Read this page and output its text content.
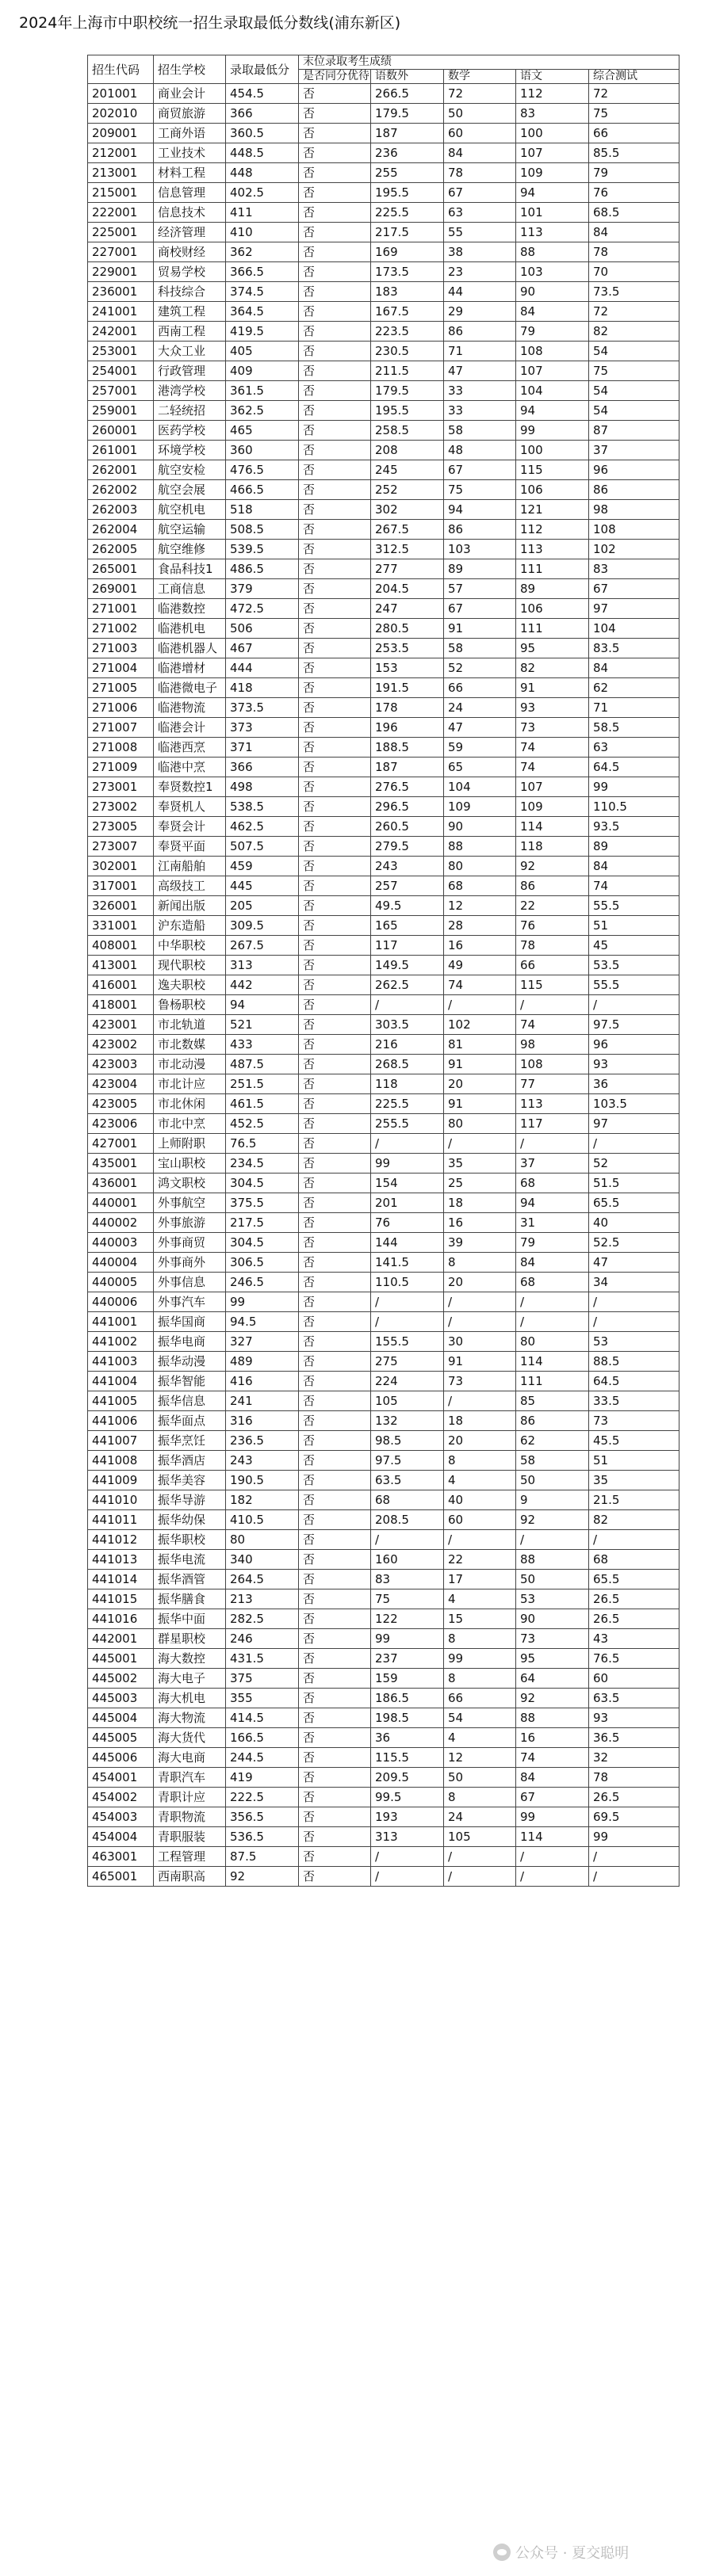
2024年上海市中职校统一招生录取最低分数线(浦东新区)
招生代码	招生学校	录取最低分	末位录取考生成绩				
			是否同分优待	语数外	数学	语文	综合测试
201001	商业会计	454.5	否	266.5	72	112	72
202010	商贸旅游	366	否	179.5	50	83	75
209001	工商外语	360.5	否	187	60	100	66
212001	工业技术	448.5	否	236	84	107	85.5
213001	材料工程	448	否	255	78	109	79
215001	信息管理	402.5	否	195.5	67	94	76
222001	信息技术	411	否	225.5	63	101	68.5
225001	经济管理	410	否	217.5	55	113	84
227001	商校财经	362	否	169	38	88	78
229001	贸易学校	366.5	否	173.5	23	103	70
236001	科技综合	374.5	否	183	44	90	73.5
241001	建筑工程	364.5	否	167.5	29	84	72
242001	西南工程	419.5	否	223.5	86	79	82
253001	大众工业	405	否	230.5	71	108	54
254001	行政管理	409	否	211.5	47	107	75
257001	港湾学校	361.5	否	179.5	33	104	54
259001	二轻统招	362.5	否	195.5	33	94	54
260001	医药学校	465	否	258.5	58	99	87
261001	环境学校	360	否	208	48	100	37
262001	航空安检	476.5	否	245	67	115	96
262002	航空会展	466.5	否	252	75	106	86
262003	航空机电	518	否	302	94	121	98
262004	航空运输	508.5	否	267.5	86	112	108
262005	航空维修	539.5	否	312.5	103	113	102
265001	食品科技1	486.5	否	277	89	111	83
269001	工商信息	379	否	204.5	57	89	67
271001	临港数控	472.5	否	247	67	106	97
271002	临港机电	506	否	280.5	91	111	104
271003	临港机器人	467	否	253.5	58	95	83.5
271004	临港增材	444	否	153	52	82	84
271005	临港微电子	418	否	191.5	66	91	62
271006	临港物流	373.5	否	178	24	93	71
271007	临港会计	373	否	196	47	73	58.5
271008	临港西烹	371	否	188.5	59	74	63
271009	临港中烹	366	否	187	65	74	64.5
273001	奉贤数控1	498	否	276.5	104	107	99
273002	奉贤机人	538.5	否	296.5	109	109	110.5
273005	奉贤会计	462.5	否	260.5	90	114	93.5
273007	奉贤平面	507.5	否	279.5	88	118	89
302001	江南船舶	459	否	243	80	92	84
317001	高级技工	445	否	257	68	86	74
326001	新闻出版	205	否	49.5	12	22	55.5
331001	沪东造船	309.5	否	165	28	76	51
408001	中华职校	267.5	否	117	16	78	45
413001	现代职校	313	否	149.5	49	66	53.5
416001	逸夫职校	442	否	262.5	74	115	55.5
418001	鲁杨职校	94	否	/	/	/	/
423001	市北轨道	521	否	303.5	102	74	97.5
423002	市北数媒	433	否	216	81	98	96
423003	市北动漫	487.5	否	268.5	91	108	93
423004	市北计应	251.5	否	118	20	77	36
423005	市北休闲	461.5	否	225.5	91	113	103.5
423006	市北中烹	452.5	否	255.5	80	117	97
427001	上师附职	76.5	否	/	/	/	/
435001	宝山职校	234.5	否	99	35	37	52
436001	鸿文职校	304.5	否	154	25	68	51.5
440001	外事航空	375.5	否	201	18	94	65.5
440002	外事旅游	217.5	否	76	16	31	40
440003	外事商贸	304.5	否	144	39	79	52.5
440004	外事商外	306.5	否	141.5	8	84	47
440005	外事信息	246.5	否	110.5	20	68	34
440006	外事汽车	99	否	/	/	/	/
441001	振华国商	94.5	否	/	/	/	/
441002	振华电商	327	否	155.5	30	80	53
441003	振华动漫	489	否	275	91	114	88.5
441004	振华智能	416	否	224	73	111	64.5
441005	振华信息	241	否	105	/	85	33.5
441006	振华面点	316	否	132	18	86	73
441007	振华烹饪	236.5	否	98.5	20	62	45.5
441008	振华酒店	243	否	97.5	8	58	51
441009	振华美容	190.5	否	63.5	4	50	35
441010	振华导游	182	否	68	40	9	21.5
441011	振华幼保	410.5	否	208.5	60	92	82
441012	振华职校	80	否	/	/	/	/
441013	振华电流	340	否	160	22	88	68
441014	振华酒管	264.5	否	83	17	50	65.5
441015	振华膳食	213	否	75	4	53	26.5
441016	振华中面	282.5	否	122	15	90	26.5
442001	群星职校	246	否	99	8	73	43
445001	海大数控	431.5	否	237	99	95	76.5
445002	海大电子	375	否	159	8	64	60
445003	海大机电	355	否	186.5	66	92	63.5
445004	海大物流	414.5	否	198.5	54	88	93
445005	海大货代	166.5	否	36	4	16	36.5
445006	海大电商	244.5	否	115.5	12	74	32
454001	青职汽车	419	否	209.5	50	84	78
454002	青职计应	222.5	否	99.5	8	67	26.5
454003	青职物流	356.5	否	193	24	99	69.5
454004	青职服装	536.5	否	313	105	114	99
463001	工程管理	87.5	否	/	/	/	/
465001	西南职高	92	否	/	/	/	/
公众号 · 夏交聪明
